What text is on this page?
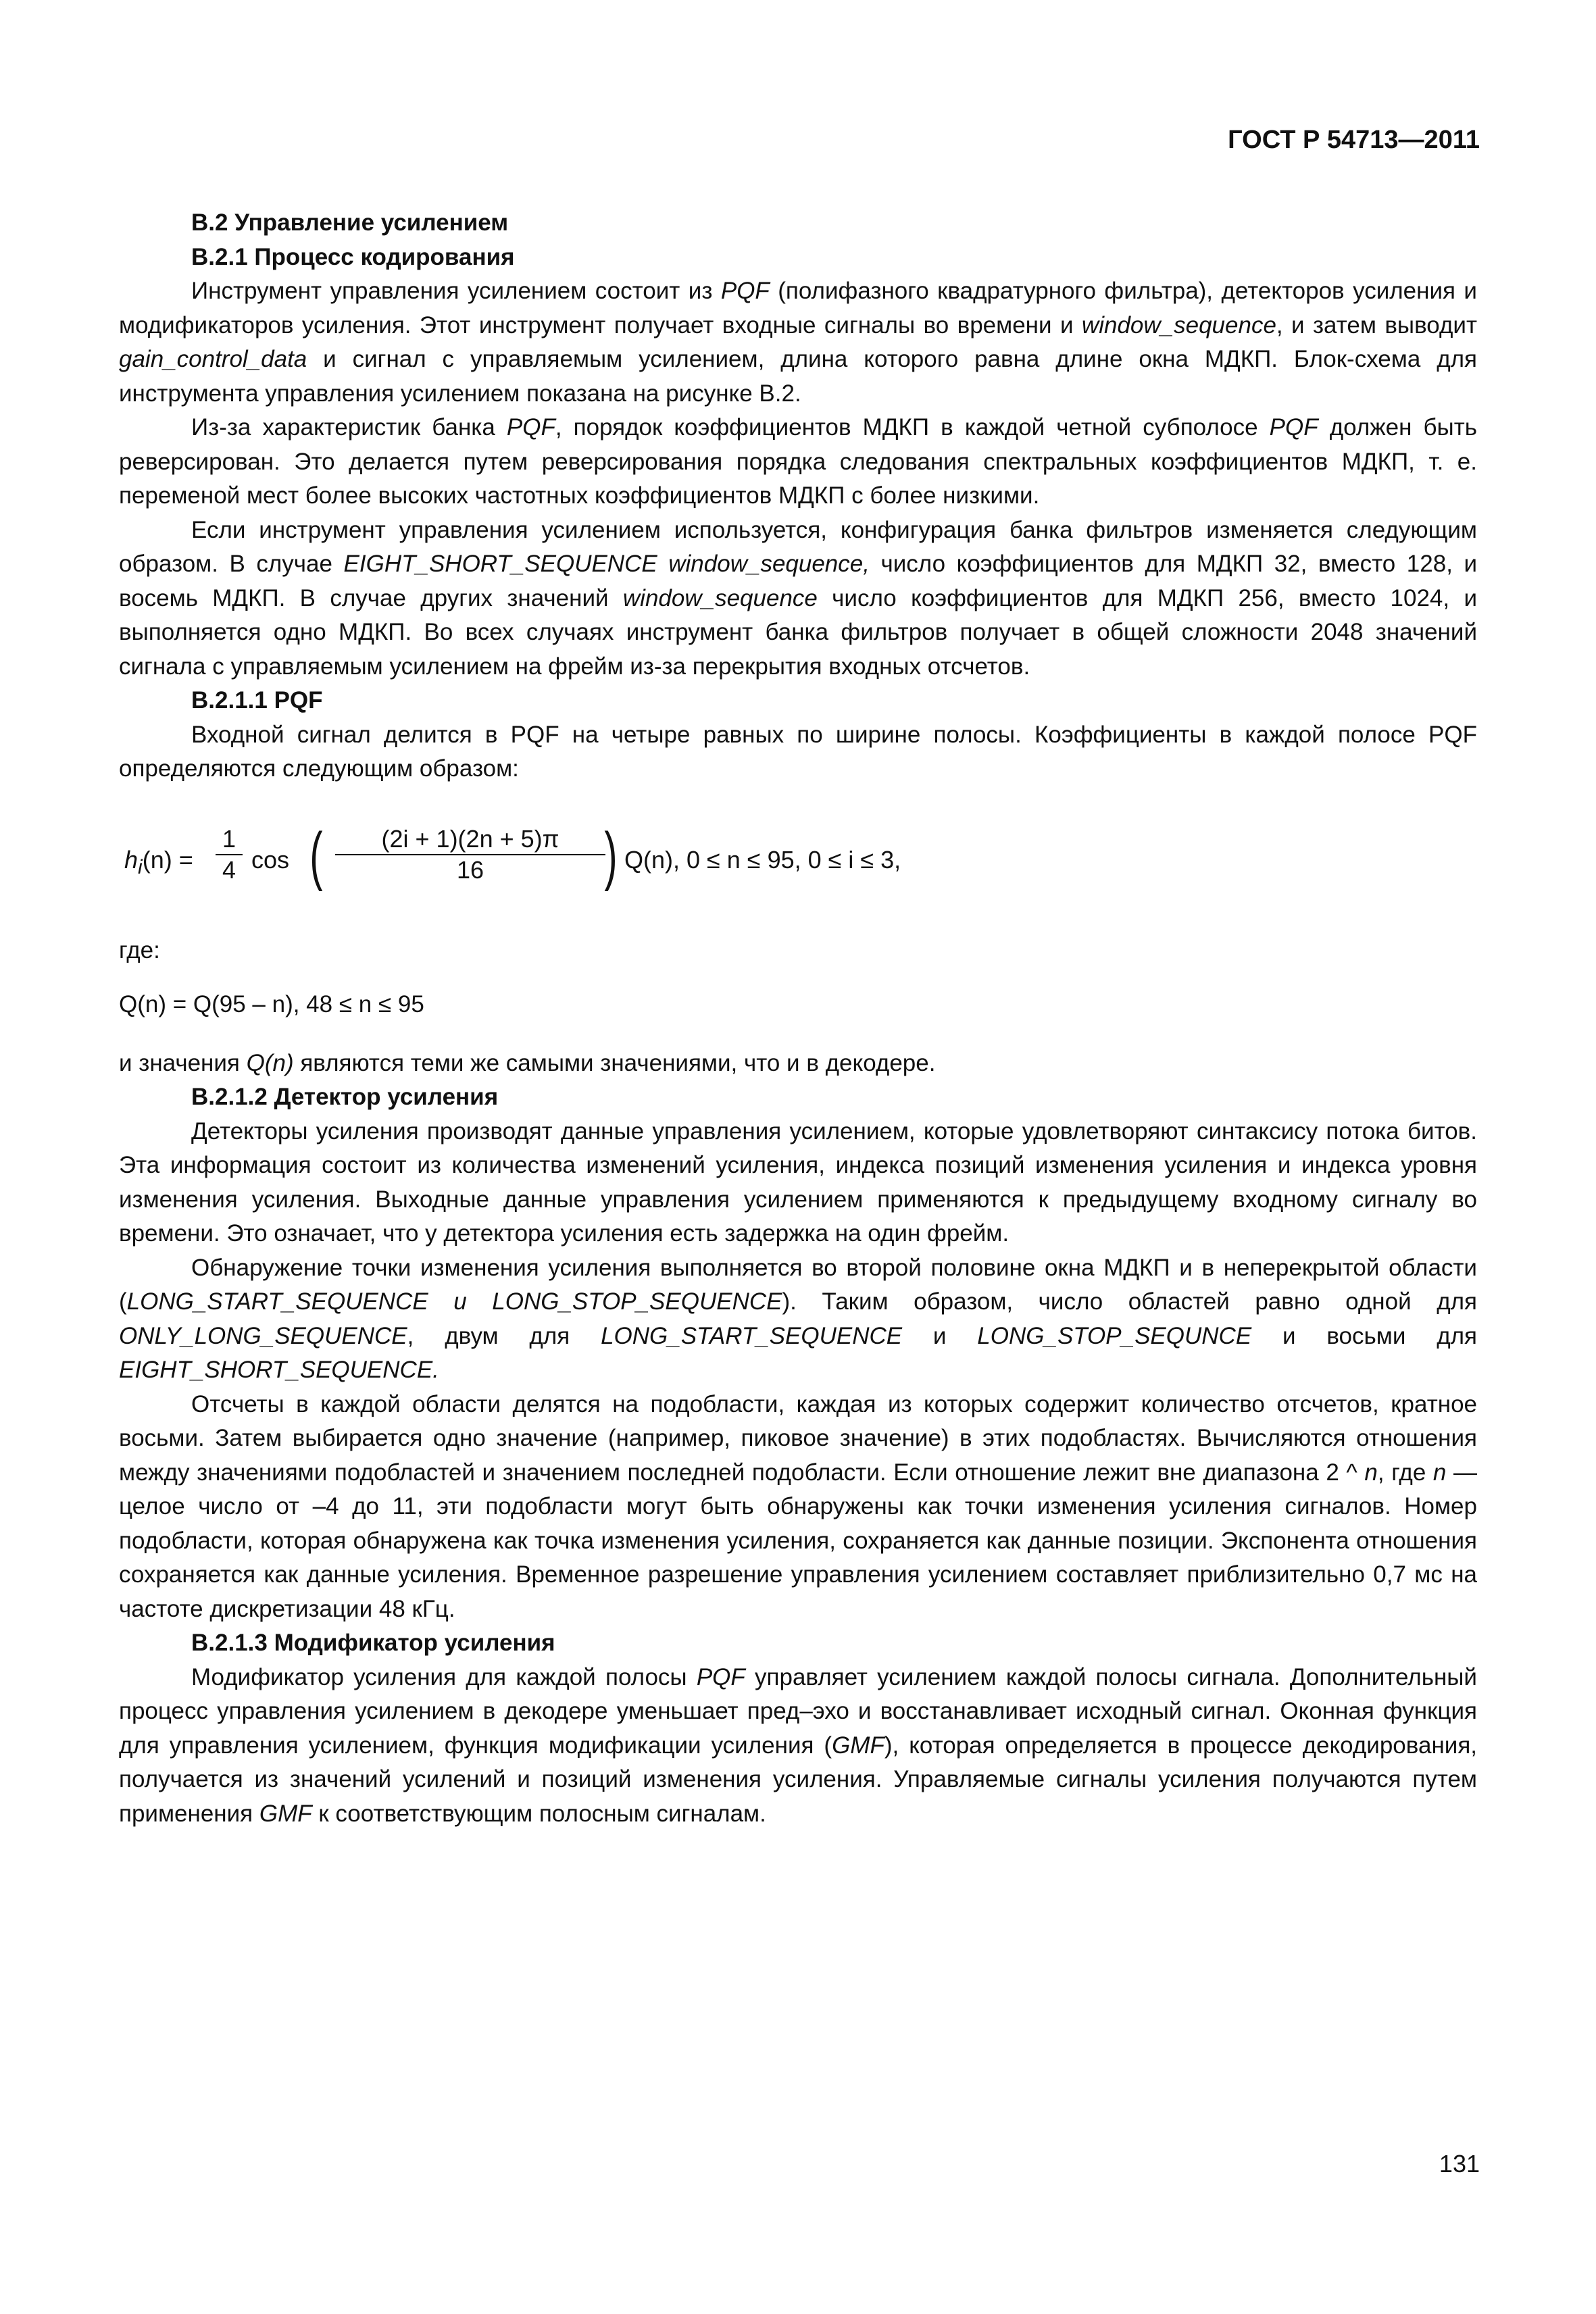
ГОСТ Р 54713—2011
B.2 Управление усилением
B.2.1 Процесс кодирования

Инструмент управления усилением состоит из PQF (полифазного квадратурного фильтра), детекторов усиления и модификаторов усиления. Этот инструмент получает входные сигналы во времени и window_sequence, и затем выводит gain_control_data и сигнал с управляемым усилением, длина которого равна длине окна МДКП. Блок-схема для инструмента управления усилением показана на рисунке B.2.

Из-за характеристик банка PQF, порядок коэффициентов МДКП в каждой четной субполосе PQF должен быть реверсирован. Это делается путем реверсирования порядка следования спектральных коэффициентов МДКП, т. е. переменой мест более высоких частотных коэффициентов МДКП с более низкими.

Если инструмент управления усилением используется, конфигурация банка фильтров изменяется следующим образом. В случае EIGHT_SHORT_SEQUENCE window_sequence, число коэффициентов для МДКП 32, вместо 128, и восемь МДКП. В случае других значений window_sequence число коэффициентов для МДКП 256, вместо 1024, и выполняется одно МДКП. Во всех случаях инструмент банка фильтров получает в общей сложности 2048 значений сигнала с управляемым усилением на фрейм из-за перекрытия входных отсчетов.

B.2.1.1 PQF

Входной сигнал делится в PQF на четыре равных по ширине полосы. Коэффициенты в каждой полосе PQF определяются следующим образом:

$h_i(n)$ =
1
4 cos (	(2i + 1)(2n + 5)π
16	) Q(n), 0 ≤ n ≤ 95, 0 ≤ i ≤ 3,

где:

Q(n) = Q(95 – n), 48 ≤ n ≤ 95

и значения Q(n) являются теми же самыми значениями, что и в декодере.

B.2.1.2 Детектор усиления

Детекторы усиления производят данные управления усилением, которые удовлетворяют синтаксису потока битов. Эта информация состоит из количества изменений усиления, индекса позиций изменения усиления и индекса уровня изменения усиления. Выходные данные управления усилением применяются к предыдущему входному сигналу во времени. Это означает, что у детектора усиления есть задержка на один фрейм.

Обнаружение точки изменения усиления выполняется во второй половине окна МДКП и в неперекрытой области (LONG_START_SEQUENCE и LONG_STOP_SEQUENCE). Таким образом, число областей равно одной для ONLY_LONG_SEQUENCE, двум для LONG_START_SEQUENCE и LONG_STOP_SEQUNCE и восьми для EIGHT_SHORT_SEQUENCE.

Отсчеты в каждой области делятся на подобласти, каждая из которых содержит количество отсчетов, кратное восьми. Затем выбирается одно значение (например, пиковое значение) в этих подобластях. Вычисляются отношения между значениями подобластей и значением последней подобласти. Если отношение лежит вне диапазона 2 ^ n, где n — целое число от –4 до 11, эти подобласти могут быть обнаружены как точки изменения усиления сигналов. Номер подобласти, которая обнаружена как точка изменения усиления, сохраняется как данные позиции. Экспонента отношения сохраняется как данные усиления. Временное разрешение управления усилением составляет приблизительно 0,7 мс на частоте дискретизации 48 кГц.

B.2.1.3 Модификатор усиления

Модификатор усиления для каждой полосы PQF управляет усилением каждой полосы сигнала. Дополнительный процесс управления усилением в декодере уменьшает пред–эхо и восстанавливает исходный сигнал. Оконная функция для управления усилением, функция модификации усиления (GMF), которая определяется в процессе декодирования, получается из значений усилений и позиций изменения усиления. Управляемые сигналы усиления получаются путем применения GMF к соответствующим полосным сигналам.

131
